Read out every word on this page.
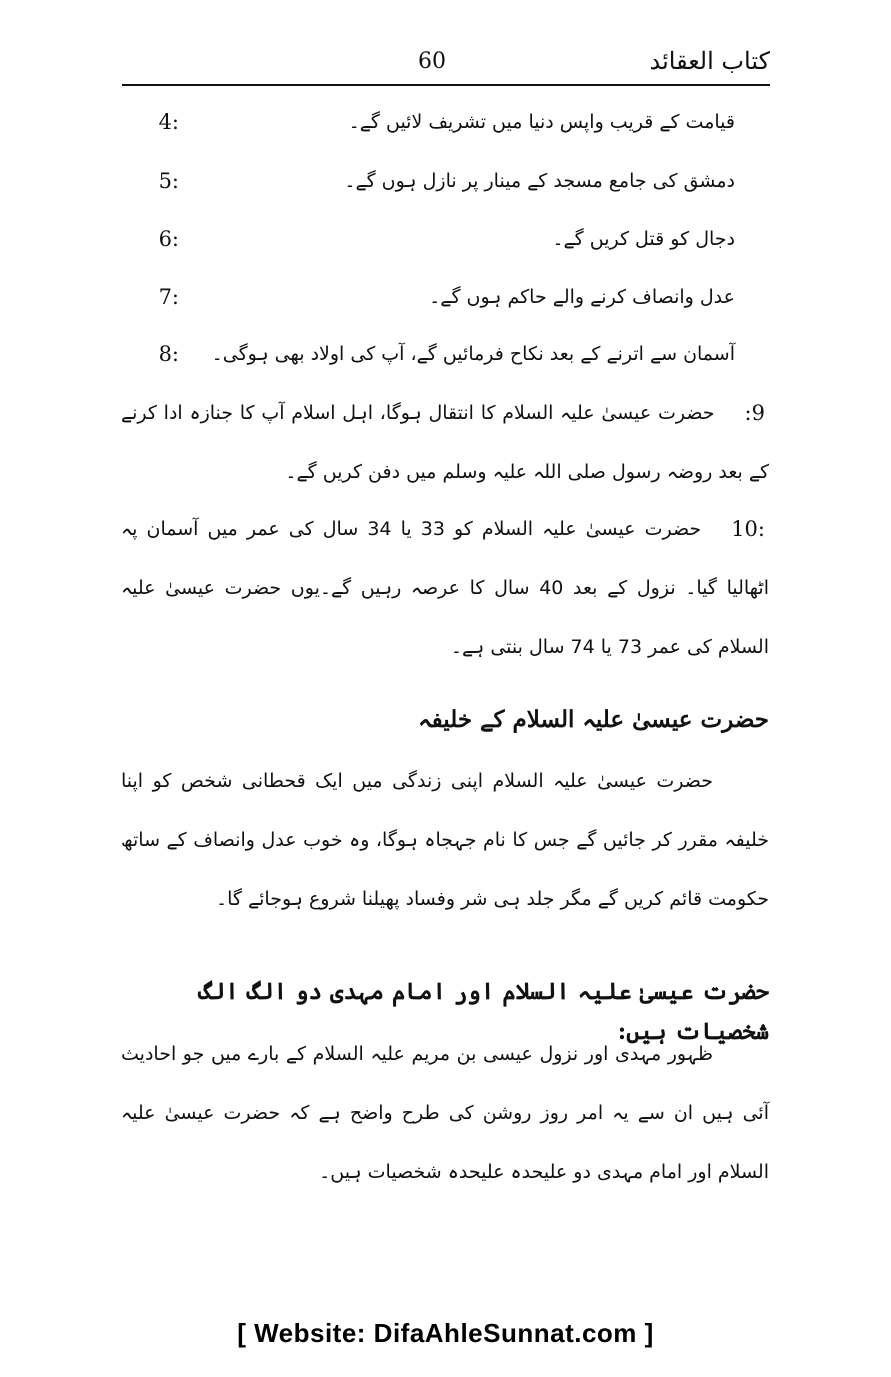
کتاب العقائد
60
قیامت کے قریب واپس دنیا میں تشریف لائیں گے۔
4:
دمشق کی جامع مسجد کے مینار پر نازل ہوں گے۔
5:
دجال کو قتل کریں گے۔
6:
عدل وانصاف کرنے والے حاکم ہوں گے۔
7:
آسمان سے اترنے کے بعد نکاح فرمائیں گے، آپ کی اولاد بھی ہوگی۔
8:
9:
حضرت عیسیٰ علیہ السلام کا انتقال ہوگا، اہل اسلام آپ کا جنازہ ادا کرنے کے بعد روضہ رسول صلی اللہ علیہ وسلم میں دفن کریں گے۔
:10
حضرت عیسیٰ علیہ السلام کو 33 یا 34 سال کی عمر میں آسمان پہ اٹھالیا گیا۔ نزول کے بعد 40 سال کا عرصہ رہیں گے۔یوں حضرت عیسیٰ علیہ السلام کی عمر 73 یا 74 سال بنتی ہے۔
حضرت عیسیٰ علیہ السلام کے خلیفہ
حضرت عیسیٰ علیہ السلام اپنی زندگی میں ایک قحطانی شخص کو اپنا خلیفہ مقرر کر جائیں گے جس کا نام جہجاہ ہوگا، وہ خوب عدل وانصاف کے ساتھ حکومت قائم کریں گے مگر جلد ہی شر وفساد پھیلنا شروع ہوجائے گا۔
حضرت عیسیٰ علیہ السلام اور امام مہدی دو الگ الگ شخصیات ہیں:
ظہور مہدی اور نزول عیسی بن مریم علیہ السلام کے بارے میں جو احادیث آئی ہیں ان سے یہ امر روز روشن کی طرح واضح ہے کہ حضرت عیسیٰ علیہ السلام اور امام مہدی دو علیحدہ علیحدہ شخصیات ہیں۔
[ Website: DifaAhleSunnat.com ]
